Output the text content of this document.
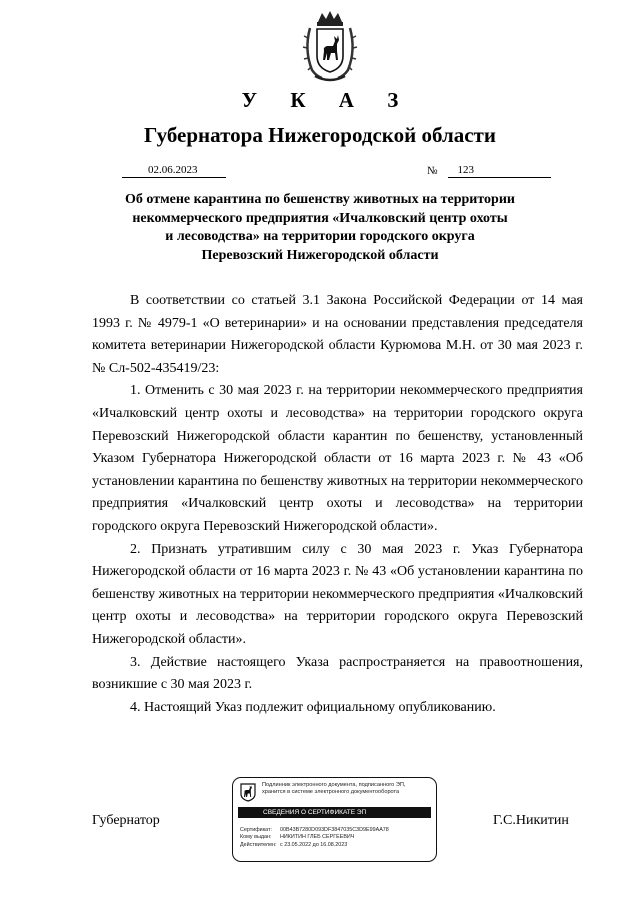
У К А З
Губернатора Нижегородской области
02.06.2023	№	123
Об отмене карантина по бешенству животных на территории
некоммерческого предприятия «Ичалковский центр охоты
и лесоводства» на территории городского округа
Перевозский Нижегородской области

В соответствии со статьей 3.1 Закона Российской Федерации от 14 мая 1993 г. № 4979-1 «О ветеринарии» и на основании представления председателя комитета ветеринарии Нижегородской области Курюмова М.Н. от 30 мая 2023 г. № Сл-502-435419/23:

1. Отменить с 30 мая 2023 г. на территории некоммерческого предприятия «Ичалковский центр охоты и лесоводства» на территории городского округа Перевозский Нижегородской области карантин по бешенству, установленный Указом Губернатора Нижегородской области от 16 марта 2023 г. № 43 «Об установлении карантина по бешенству животных на территории некоммерческого предприятия «Ичалковский центр охоты и лесоводства» на территории городского округа Перевозский Нижегородской области».

2. Признать утратившим силу с 30 мая 2023 г. Указ Губернатора Нижегородской области от 16 марта 2023 г. № 43 «Об установлении карантина по бешенству животных на территории некоммерческого предприятия «Ичалковский центр охоты и лесоводства» на территории городского округа Перевозский Нижегородской области».

3. Действие настоящего Указа распространяется на правоотношения, возникшие с 30 мая 2023 г.

4. Настоящий Указ подлежит официальному опубликованию.

Губернатор	Г.С.Никитин
Подлинник электронного документа, подписанного ЭП,
хранится в системе электронного документооборота
СВЕДЕНИЯ О СЕРТИФИКАТЕ ЭП
Сертификат: 00B43B7280D093DF3847035C3D9E99AA78
Кому выдан: НИКИТИН ГЛЕБ СЕРГЕЕВИЧ
Действителен: с 23.05.2022 до 16.08.2023
